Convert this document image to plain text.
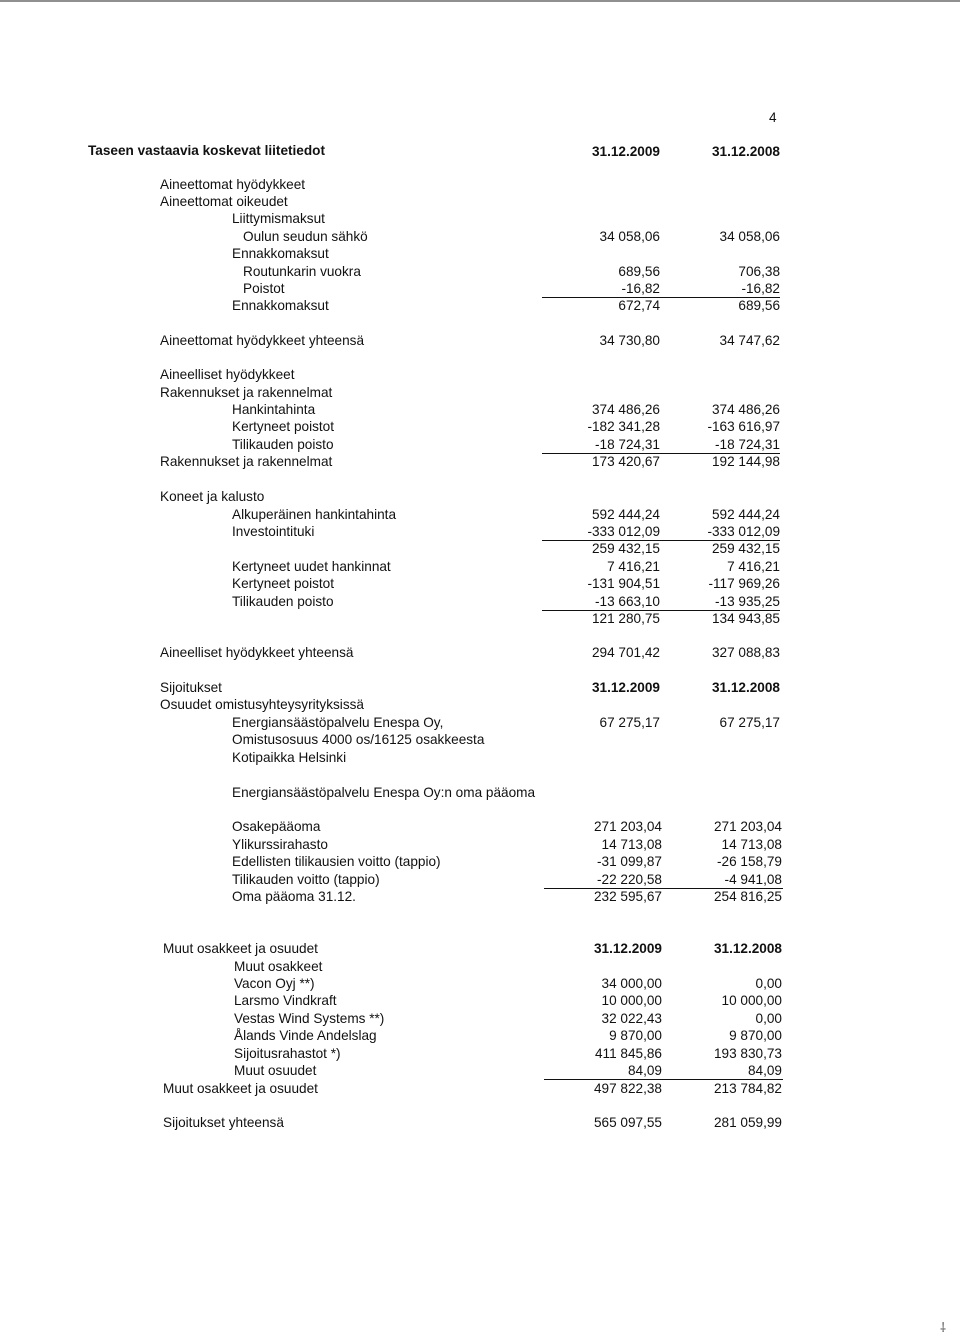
4
Taseen vastaavia koskevat liitetiedot	31.12.2009	31.12.2008
Aineettomat hyödykkeet
Aineettomat oikeudet
Liittymismaksut
Oulun seudun sähkö	34 058,06	34 058,06
Ennakkomaksut
Routunkarin vuokra	689,56	706,38
Poistot	-16,82	-16,82
Ennakkomaksut	672,74	689,56
Aineettomat hyödykkeet yhteensä	34 730,80	34 747,62
Aineelliset hyödykkeet
Rakennukset ja rakennelmat
Hankintahinta	374 486,26	374 486,26
Kertyneet poistot	-182 341,28	-163 616,97
Tilikauden poisto	-18 724,31	-18 724,31
Rakennukset ja rakennelmat	173 420,67	192 144,98
Koneet ja kalusto
Alkuperäinen hankintahinta	592 444,24	592 444,24
Investointituki	-333 012,09	-333 012,09
259 432,15	259 432,15
Kertyneet uudet hankinnat	7 416,21	7 416,21
Kertyneet poistot	-131 904,51	-117 969,26
Tilikauden poisto	-13 663,10	-13 935,25
121 280,75	134 943,85
Aineelliset hyödykkeet yhteensä	294 701,42	327 088,83
Sijoitukset	31.12.2009	31.12.2008
Osuudet omistusyhteysyrityksissä
Energiansäästöpalvelu Enespa Oy,	67 275,17	67 275,17
Omistusosuus 4000 os/16125 osakkeesta
Kotipaikka Helsinki
Energiansäästöpalvelu Enespa Oy:n oma pääoma
Osakepääoma	271 203,04	271 203,04
Ylikurssirahasto	14 713,08	14 713,08
Edellisten tilikausien voitto (tappio)	-31 099,87	-26 158,79
Tilikauden voitto (tappio)	-22 220,58	-4 941,08
Oma pääoma 31.12.	232 595,67	254 816,25
Muut osakkeet ja osuudet	31.12.2009	31.12.2008
Muut osakkeet
Vacon Oyj **)	34 000,00	0,00
Larsmo Vindkraft	10 000,00	10 000,00
Vestas Wind Systems **)	32 022,43	0,00
Ålands Vinde Andelslag	9 870,00	9 870,00
Sijoitusrahastot *)	411 845,86	193 830,73
Muut osuudet	84,09	84,09
Muut osakkeet ja osuudet	497 822,38	213 784,82
Sijoitukset yhteensä	565 097,55	281 059,99
⸸
